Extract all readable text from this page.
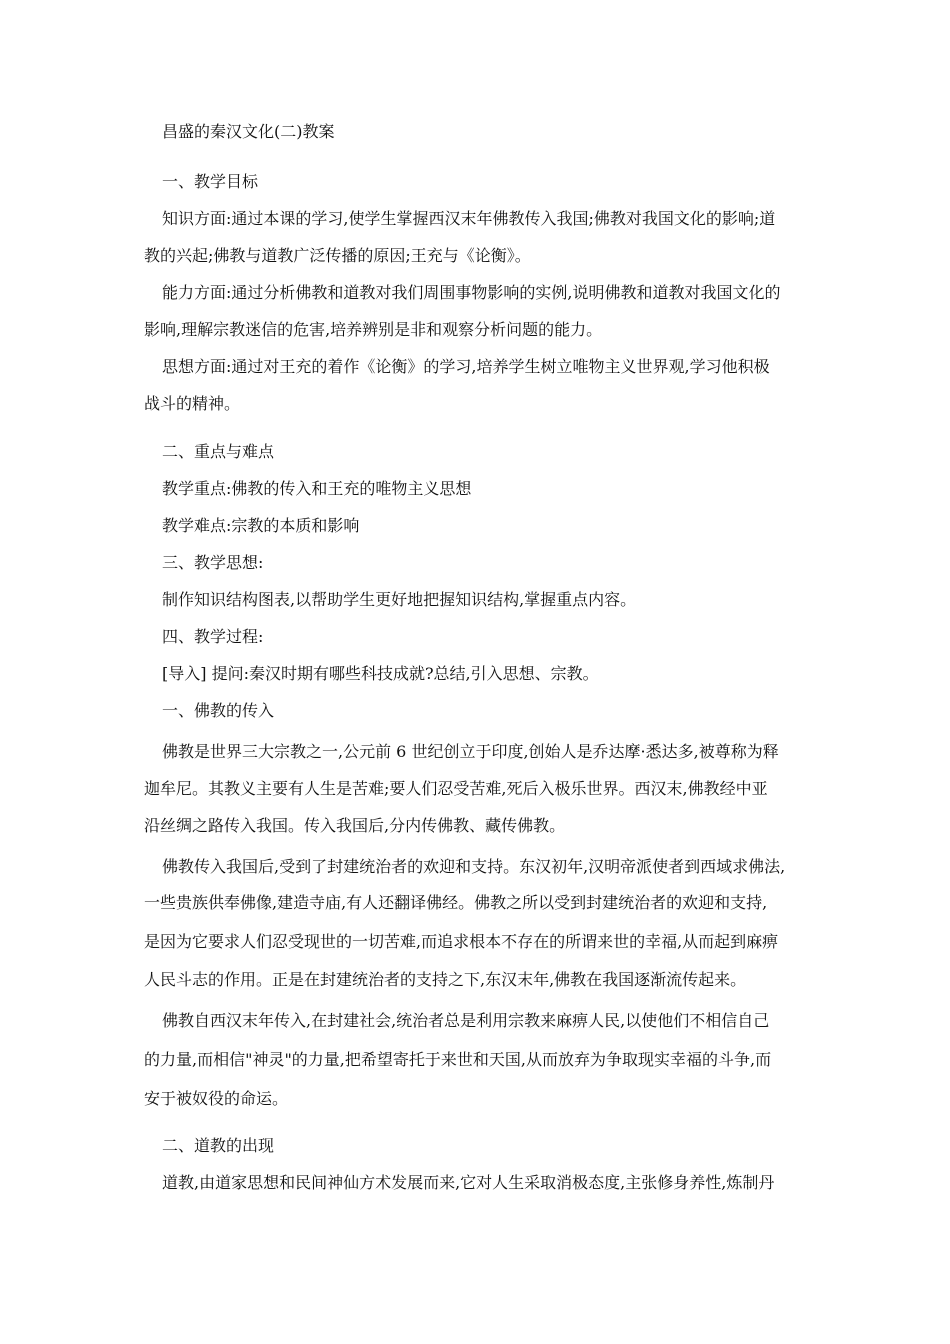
昌盛的秦汉文化(二)教案
一、教学目标
知识方面:通过本课的学习,使学生掌握西汉末年佛教传入我国;佛教对我国文化的影响;道
教的兴起;佛教与道教广泛传播的原因;王充与《论衡》。
能力方面:通过分析佛教和道教对我们周围事物影响的实例,说明佛教和道教对我国文化的
影响,理解宗教迷信的危害,培养辨别是非和观察分析问题的能力。
思想方面:通过对王充的着作《论衡》的学习,培养学生树立唯物主义世界观,学习他积极
战斗的精神。
二、重点与难点
教学重点:佛教的传入和王充的唯物主义思想
教学难点:宗教的本质和影响
三、教学思想:
制作知识结构图表,以帮助学生更好地把握知识结构,掌握重点内容。
四、教学过程:
[导入] 提问:秦汉时期有哪些科技成就?总结,引入思想、宗教。
一、佛教的传入
佛教是世界三大宗教之一,公元前 6 世纪创立于印度,创始人是乔达摩·悉达多,被尊称为释
迦牟尼。其教义主要有人生是苦难;要人们忍受苦难,死后入极乐世界。西汉末,佛教经中亚
沿丝绸之路传入我国。传入我国后,分内传佛教、藏传佛教。
佛教传入我国后,受到了封建统治者的欢迎和支持。东汉初年,汉明帝派使者到西域求佛法,
一些贵族供奉佛像,建造寺庙,有人还翻译佛经。佛教之所以受到封建统治者的欢迎和支持,
是因为它要求人们忍受现世的一切苦难,而追求根本不存在的所谓来世的幸福,从而起到麻痹
人民斗志的作用。正是在封建统治者的支持之下,东汉末年,佛教在我国逐渐流传起来。
佛教自西汉末年传入,在封建社会,统治者总是利用宗教来麻痹人民,以使他们不相信自己
的力量,而相信"神灵"的力量,把希望寄托于来世和天国,从而放弃为争取现实幸福的斗争,而
安于被奴役的命运。
二、道教的出现
道教,由道家思想和民间神仙方术发展而来,它对人生采取消极态度,主张修身养性,炼制丹
